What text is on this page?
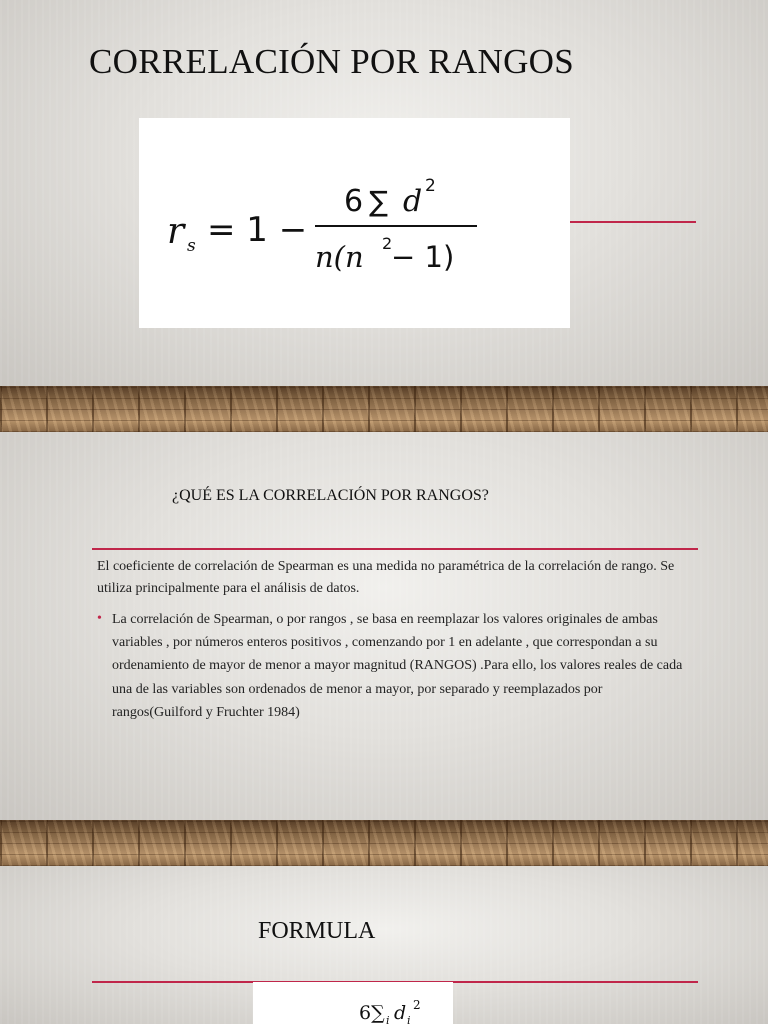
CORRELACIÓN POR RANGOS
r s = 1 −
6 ∑ d 2
n(n 2
− 1)
¿QUÉ ES LA CORRELACIÓN POR RANGOS?

El coeficiente de correlación de Spearman es una medida no paramétrica de la correlación de rango. Se utiliza principalmente para el análisis de datos.

• La correlación de Spearman, o por rangos , se basa en reemplazar los valores originales de ambas variables , por números enteros positivos , comenzando por 1 en adelante , que correspondan a su ordenamiento de mayor de menor a mayor magnitud (RANGOS) .Para ello, los valores reales de cada una de las variables son ordenados de menor a mayor, por separado y reemplazados por rangos(Guilford y Fruchter 1984)

FORMULA
6∑ i d i
2
